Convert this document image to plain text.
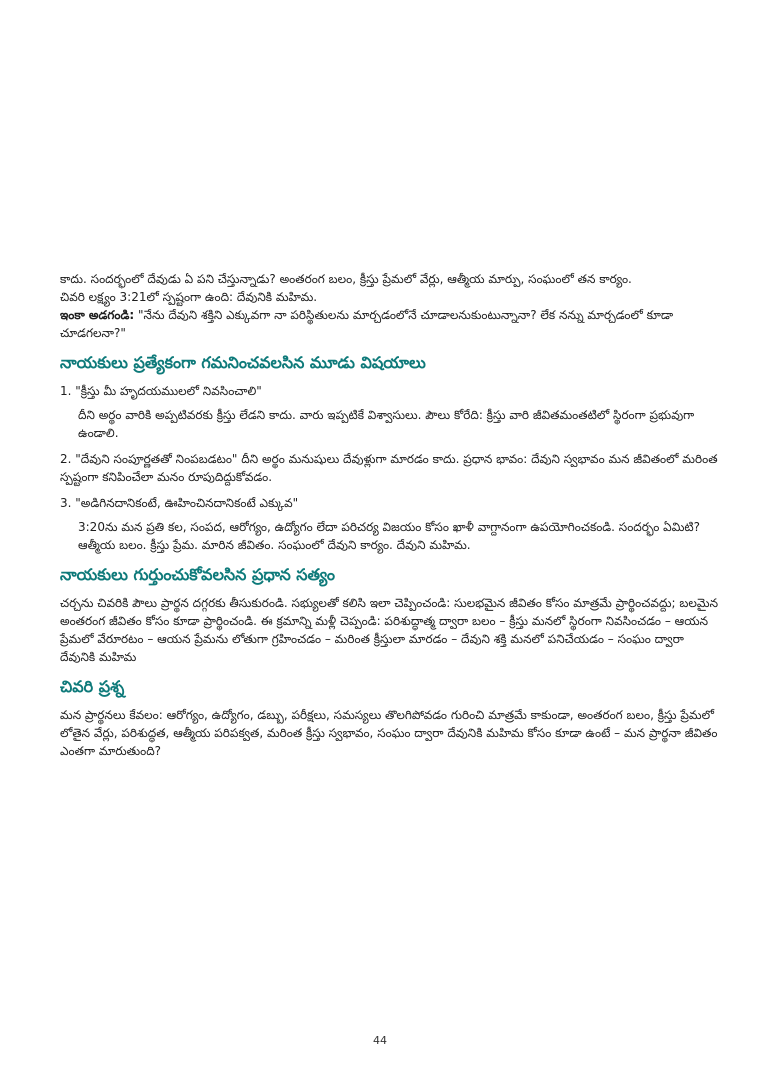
కాదు. సందర్భంలో దేవుడు ఏ పని చేస్తున్నాడు? అంతరంగ బలం, క్రీస్తు ప్రేమలో వేర్లు, ఆత్మీయ మార్పు, సంఘంలో తన కార్యం.

చివరి లక్ష్యం 3:21లో స్పష్టంగా ఉంది: దేవునికి మహిమ.

ఇంకా అడగండి: "నేను దేవుని శక్తిని ఎక్కువగా నా పరిస్థితులను మార్చడంలోనే చూడాలనుకుంటున్నానా? లేక నన్ను మార్చడంలో కూడా చూడగలనా?"

నాయకులు ప్రత్యేకంగా గమనించవలసిన మూడు విషయాలు
1. "క్రీస్తు మీ హృదయములలో నివసించాలి"
దీని అర్థం వారికి అప్పటివరకు క్రీస్తు లేడని కాదు. వారు ఇప్పటికే విశ్వాసులు. పౌలు కోరేది: క్రీస్తు వారి జీవితమంతటిలో స్థిరంగా ప్రభువుగా ఉండాలి.
2. "దేవుని సంపూర్ణతతో నింపబడటం" దీని అర్థం మనుషులు దేవుళ్లుగా మారడం కాదు. ప్రధాన భావం: దేవుని స్వభావం మన జీవితంలో మరింత స్పష్టంగా కనిపించేలా మనం రూపుదిద్దుకోవడం.
3. "అడిగినదానికంటే, ఊహించినదానికంటే ఎక్కువ"
3:20ను మన ప్రతి కల, సంపద, ఆరోగ్యం, ఉద్యోగం లేదా పరిచర్య విజయం కోసం ఖాళీ వాగ్దానంగా ఉపయోగించకండి. సందర్భం ఏమిటి? ఆత్మీయ బలం. క్రీస్తు ప్రేమ. మారిన జీవితం. సంఘంలో దేవుని కార్యం. దేవుని మహిమ.
నాయకులు గుర్తుంచుకోవలసిన ప్రధాన సత్యం

చర్చను చివరికి పౌలు ప్రార్థన దగ్గరకు తీసుకురండి. సభ్యులతో కలిసి ఇలా చెప్పించండి: సులభమైన జీవితం కోసం మాత్రమే ప్రార్థించవద్దు; బలమైన అంతరంగ జీవితం కోసం కూడా ప్రార్థించండి. ఈ క్రమాన్ని మళ్లీ చెప్పండి: పరిశుద్ధాత్మ ద్వారా బలం – క్రీస్తు మనలో స్థిరంగా నివసించడం – ఆయన ప్రేమలో వేరూరటం – ఆయన ప్రేమను లోతుగా గ్రహించడం – మరింత క్రీస్తులా మారడం – దేవుని శక్తి మనలో పనిచేయడం – సంఘం ద్వారా దేవునికి మహిమ

చివరి ప్రశ్న

మన ప్రార్థనలు కేవలం: ఆరోగ్యం, ఉద్యోగం, డబ్బు, పరీక్షలు, సమస్యలు తొలగిపోవడం గురించి మాత్రమే కాకుండా, అంతరంగ బలం, క్రీస్తు ప్రేమలో లోతైన వేర్లు, పరిశుద్ధత, ఆత్మీయ పరిపక్వత, మరింత క్రీస్తు స్వభావం, సంఘం ద్వారా దేవునికి మహిమ కోసం కూడా ఉంటే – మన ప్రార్థనా జీవితం ఎంతగా మారుతుంది?

44
